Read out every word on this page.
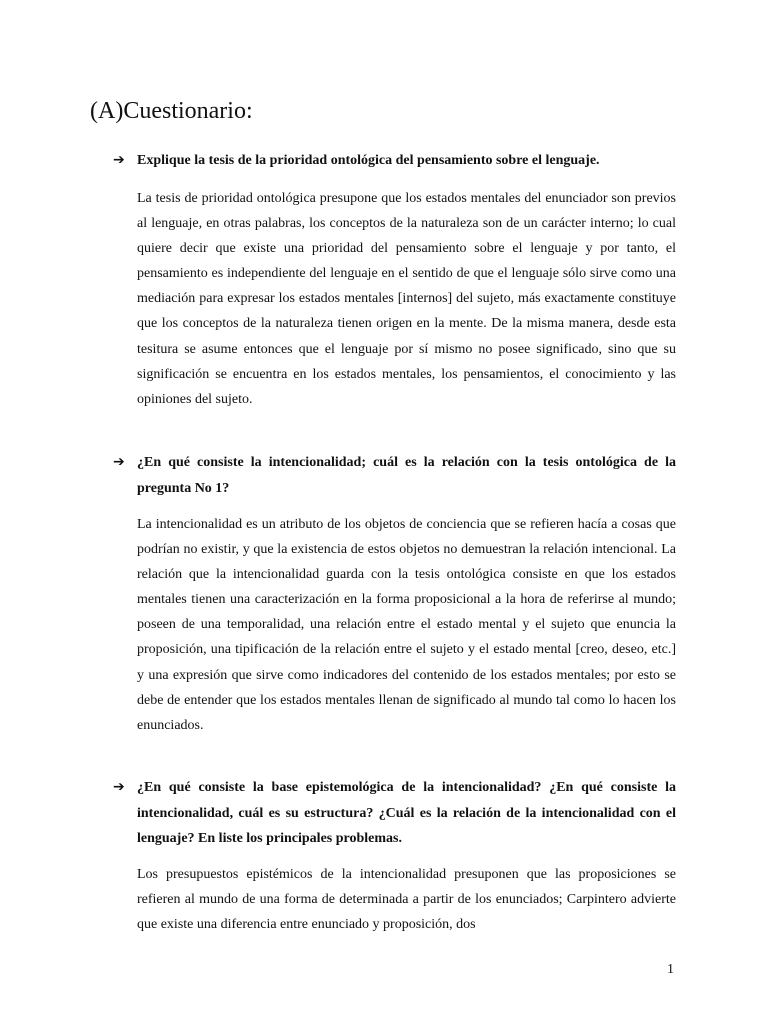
(A)Cuestionario:
➔ Explique la tesis de la prioridad ontológica del pensamiento sobre el lenguaje.

La tesis de prioridad ontológica presupone que los estados mentales del enunciador son previos al lenguaje, en otras palabras, los conceptos de la naturaleza son de un carácter interno; lo cual quiere decir que existe una prioridad del pensamiento sobre el lenguaje y por tanto, el pensamiento es independiente del lenguaje en el sentido de que el lenguaje sólo sirve como una mediación para expresar los estados mentales [internos] del sujeto, más exactamente constituye que los conceptos de la naturaleza tienen origen en la mente. De la misma manera, desde esta tesitura se asume entonces que el lenguaje por sí mismo no posee significado, sino que su significación se encuentra en los estados mentales, los pensamientos, el conocimiento y las opiniones del sujeto.

➔ ¿En qué consiste la intencionalidad; cuál es la relación con la tesis ontológica de la pregunta No 1?

La intencionalidad es un atributo de los objetos de conciencia que se refieren hacía a cosas que podrían no existir, y que la existencia de estos objetos no demuestran la relación intencional. La relación que la intencionalidad guarda con la tesis ontológica consiste en que los estados mentales tienen una caracterización en la forma proposicional a la hora de referirse al mundo; poseen de una temporalidad, una relación entre el estado mental y el sujeto que enuncia la proposición, una tipificación de la relación entre el sujeto y el estado mental [creo, deseo, etc.] y una expresión que sirve como indicadores del contenido de los estados mentales; por esto se debe de entender que los estados mentales llenan de significado al mundo tal como lo hacen los enunciados.

➔ ¿En qué consiste la base epistemológica de la intencionalidad? ¿En qué consiste la intencionalidad, cuál es su estructura? ¿Cuál es la relación de la intencionalidad con el lenguaje? En liste los principales problemas.

Los presupuestos epistémicos de la intencionalidad presuponen que las proposiciones se refieren al mundo de una forma de determinada a partir de los enunciados; Carpintero advierte que existe una diferencia entre enunciado y proposición, dos

1
